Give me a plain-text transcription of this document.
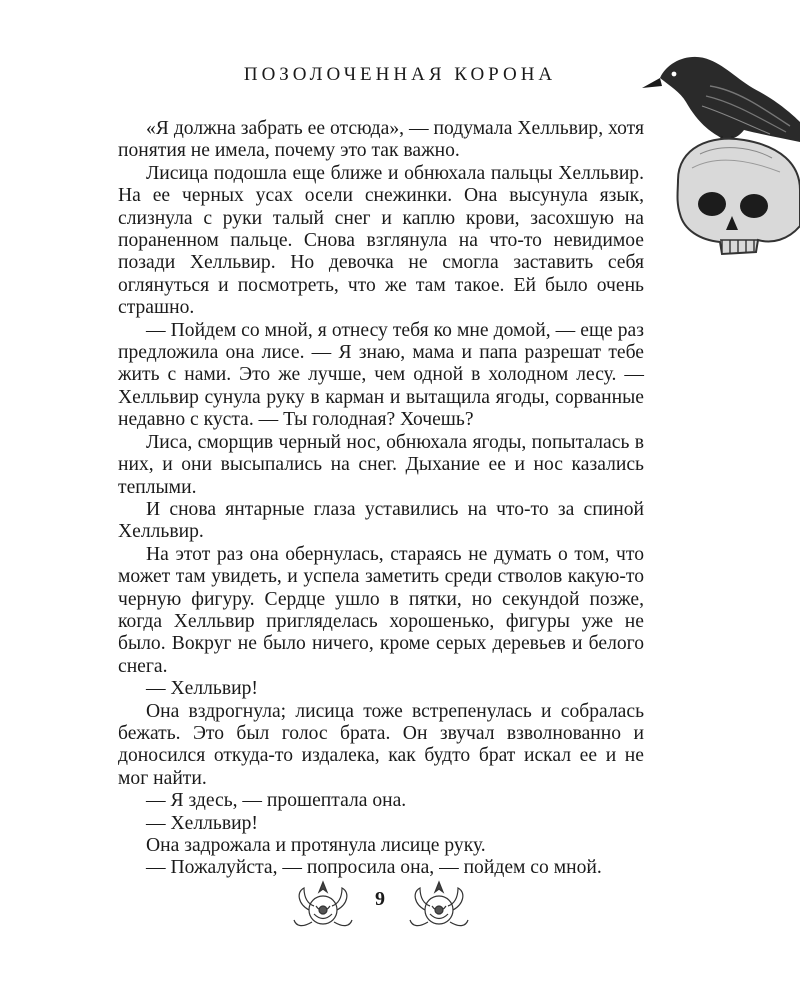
ПОЗОЛОЧЕННАЯ КОРОНА

«Я должна забрать ее отсюда», — подумала Хелльвир, хотя понятия не имела, почему это так важно.

Лисица подошла еще ближе и обнюхала пальцы Хелльвир. На ее черных усах осели снежинки. Она высунула язык, слизнула с руки талый снег и каплю крови, засохшую на пораненном пальце. Снова взглянула на что-то невидимое позади Хелльвир. Но девочка не смогла заставить себя оглянуться и посмотреть, что же там такое. Ей было очень страшно.

— Пойдем со мной, я отнесу тебя ко мне домой, — еще раз предложила она лисе. — Я знаю, мама и папа разрешат тебе жить с нами. Это же лучше, чем одной в холодном лесу. — Хелльвир сунула руку в карман и вытащила ягоды, сорванные недавно с куста. — Ты голодная? Хочешь?

Лиса, сморщив черный нос, обнюхала ягоды, попыталась в них, и они высыпались на снег. Дыхание ее и нос казались теплыми.

И снова янтарные глаза уставились на что-то за спиной Хелльвир.

На этот раз она обернулась, стараясь не думать о том, что может там увидеть, и успела заметить среди стволов какую-то черную фигуру. Сердце ушло в пятки, но секундой позже, когда Хелльвир пригляделась хорошенько, фигуры уже не было. Вокруг не было ничего, кроме серых деревьев и белого снега.

— Хелльвир!

Она вздрогнула; лисица тоже встрепенулась и собралась бежать. Это был голос брата. Он звучал взволнованно и доносился откуда-то издалека, как будто брат искал ее и не мог найти.

— Я здесь, — прошептала она.

— Хелльвир!

Она задрожала и протянула лисице руку.

— Пожалуйста, — попросила она, — пойдем со мной.

9
